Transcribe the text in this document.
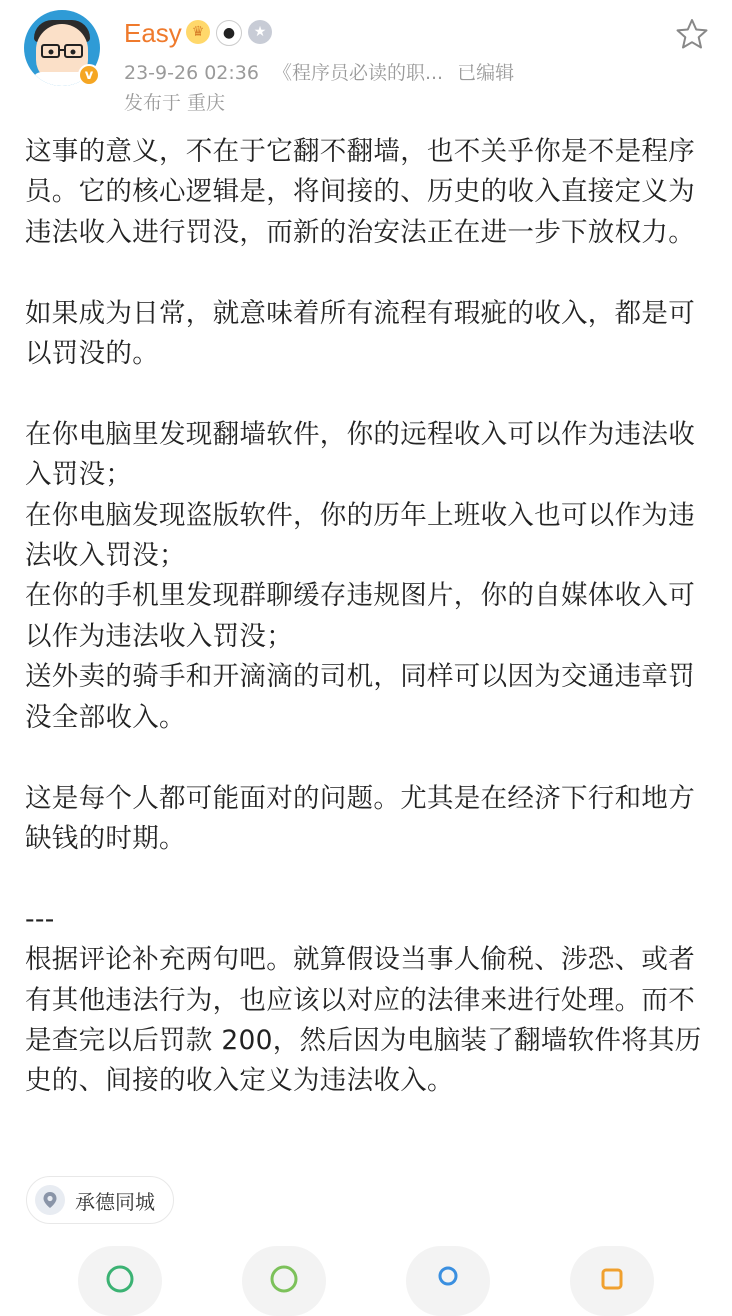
v
Easy ♛	●	★
23-9-26 02:36 《程序员必读的职... 已编辑
发布于 重庆
这事的意义，不在于它翻不翻墙，也不关乎你是不是程序员。它的核心逻辑是，将间接的、历史的收入直接定义为违法收入进行罚没，而新的治安法正在进一步下放权力。

如果成为日常，就意味着所有流程有瑕疵的收入，都是可以罚没的。

在你电脑里发现翻墙软件，你的远程收入可以作为违法收入罚没；
在你电脑发现盗版软件，你的历年上班收入也可以作为违法收入罚没；
在你的手机里发现群聊缓存违规图片，你的自媒体收入可以作为违法收入罚没；
送外卖的骑手和开滴滴的司机，同样可以因为交通违章罚没全部收入。

这是每个人都可能面对的问题。尤其是在经济下行和地方缺钱的时期。

---
根据评论补充两句吧。就算假设当事人偷税、涉恐、或者有其他违法行为，也应该以对应的法律来进行处理。而不是查完以后罚款 200，然后因为电脑装了翻墙软件将其历史的、间接的收入定义为违法收入。
承德同城
